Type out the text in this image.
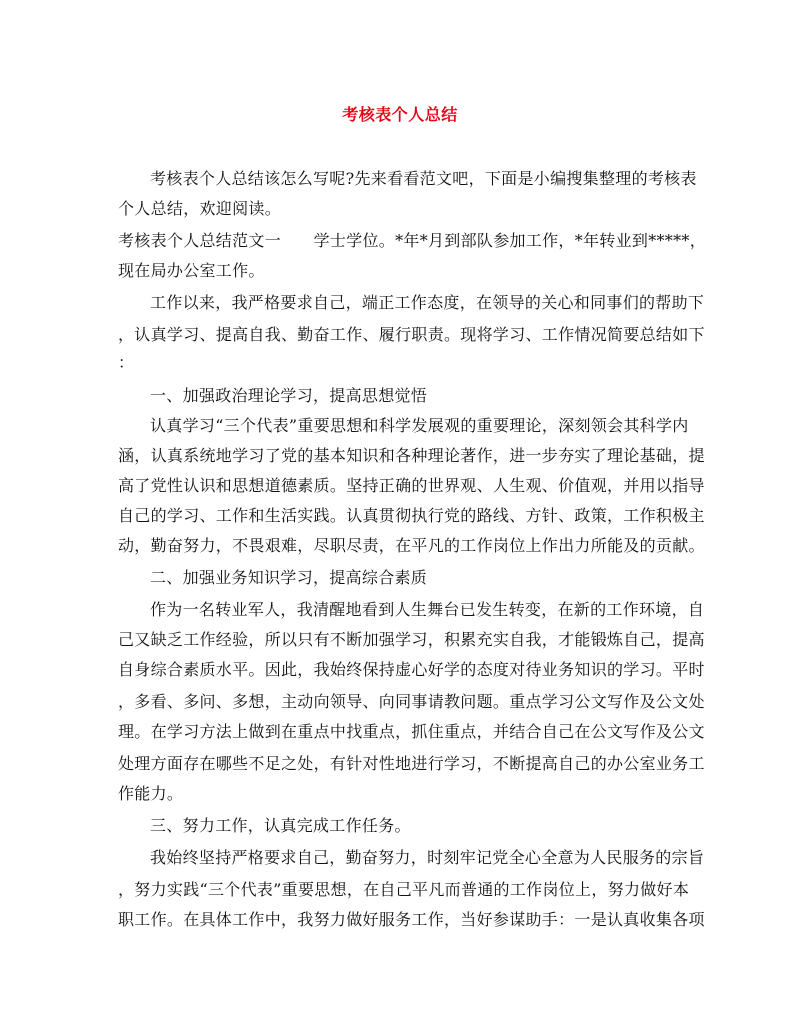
考核表个人总结
考核表个人总结该怎么写呢?先来看看范文吧，下面是小编搜集整理的考核表
个人总结，欢迎阅读。
考核表个人总结范文一　　学士学位。*年*月到部队参加工作，*年转业到*****，
现在局办公室工作。
工作以来，我严格要求自己，端正工作态度，在领导的关心和同事们的帮助下
，认真学习、提高自我、勤奋工作、履行职责。现将学习、工作情况简要总结如下
：
一、加强政治理论学习，提高思想觉悟
认真学习“三个代表”重要思想和科学发展观的重要理论，深刻领会其科学内
涵，认真系统地学习了党的基本知识和各种理论著作，进一步夯实了理论基础，提
高了党性认识和思想道德素质。坚持正确的世界观、人生观、价值观，并用以指导
自己的学习、工作和生活实践。认真贯彻执行党的路线、方针、政策，工作积极主
动，勤奋努力，不畏艰难，尽职尽责，在平凡的工作岗位上作出力所能及的贡献。
二、加强业务知识学习，提高综合素质
作为一名转业军人，我清醒地看到人生舞台已发生转变，在新的工作环境，自
己又缺乏工作经验，所以只有不断加强学习，积累充实自我，才能锻炼自己，提高
自身综合素质水平。因此，我始终保持虚心好学的态度对待业务知识的学习。平时
，多看、多问、多想，主动向领导、向同事请教问题。重点学习公文写作及公文处
理。在学习方法上做到在重点中找重点，抓住重点，并结合自己在公文写作及公文
处理方面存在哪些不足之处，有针对性地进行学习，不断提高自己的办公室业务工
作能力。
三、努力工作，认真完成工作任务。
我始终坚持严格要求自己，勤奋努力，时刻牢记党全心全意为人民服务的宗旨
，努力实践“三个代表”重要思想，在自己平凡而普通的工作岗位上，努力做好本
职工作。在具体工作中，我努力做好服务工作，当好参谋助手：一是认真收集各项
